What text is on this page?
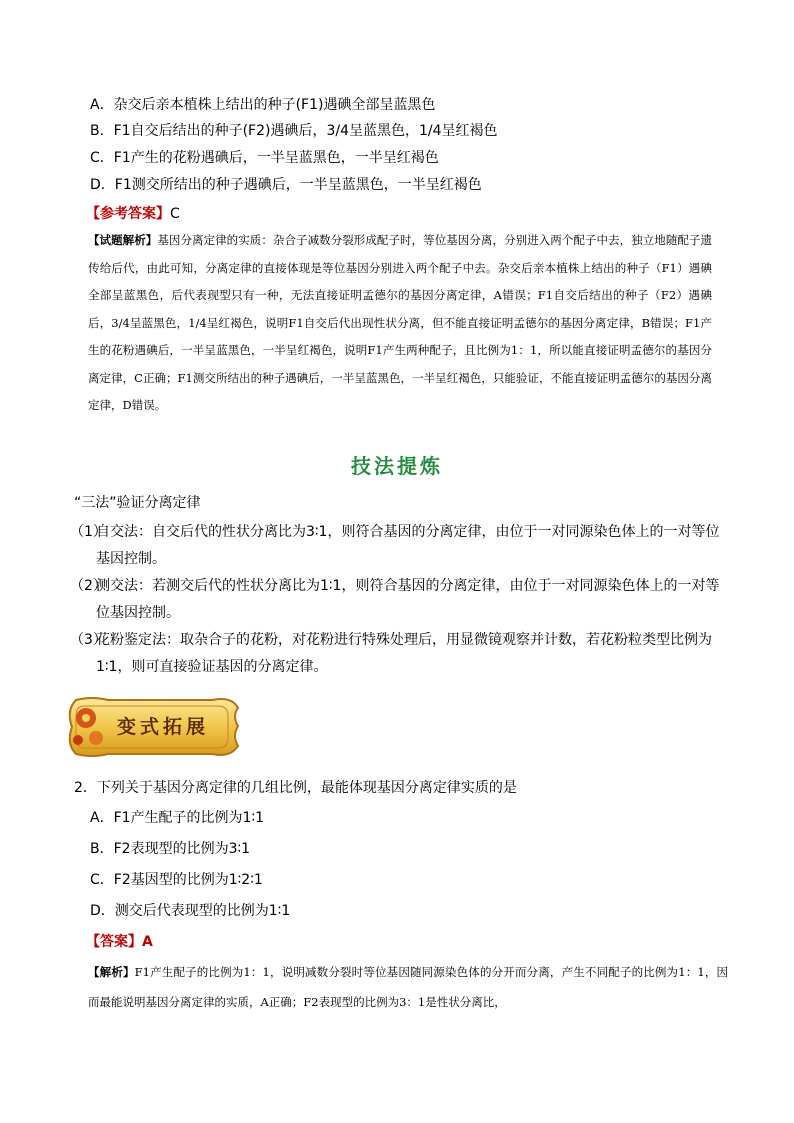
A．杂交后亲本植株上结出的种子(F1)遇碘全部呈蓝黑色
B．F1自交后结出的种子(F2)遇碘后，3/4呈蓝黑色，1/4呈红褐色
C．F1产生的花粉遇碘后，一半呈蓝黑色，一半呈红褐色
D．F1测交所结出的种子遇碘后，一半呈蓝黑色，一半呈红褐色
【参考答案】C
【试题解析】基因分离定律的实质：杂合子减数分裂形成配子时，等位基因分离，分别进入两个配子中去，独立地随配子遗传给后代，由此可知，分离定律的直接体现是等位基因分别进入两个配子中去。杂交后亲本植株上结出的种子（F1）遇碘全部呈蓝黑色，后代表现型只有一种，无法直接证明孟德尔的基因分离定律，A错误；F1自交后结出的种子（F2）遇碘后，3/4呈蓝黑色，1/4呈红褐色，说明F1自交后代出现性状分离，但不能直接证明孟德尔的基因分离定律，B错误；F1产生的花粉遇碘后，一半呈蓝黑色，一半呈红褐色，说明F1产生两种配子，且比例为1：1，所以能直接证明孟德尔的基因分离定律，C正确；F1测交所结出的种子遇碘后，一半呈蓝黑色，一半呈红褐色，只能验证，不能直接证明孟德尔的基因分离定律，D错误。
技法提炼
“三法”验证分离定律
（1）
自交法：自交后代的性状分离比为3∶1，则符合基因的分离定律，由位于一对同源染色体上的一对等位基因控制。
（2）
测交法：若测交后代的性状分离比为1∶1，则符合基因的分离定律，由位于一对同源染色体上的一对等位基因控制。
（3）
花粉鉴定法：取杂合子的花粉，对花粉进行特殊处理后，用显微镜观察并计数，若花粉粒类型比例为1∶1，则可直接验证基因的分离定律。
变式拓展
2．下列关于基因分离定律的几组比例，最能体现基因分离定律实质的是
A．F1产生配子的比例为1∶1
B．F2表现型的比例为3∶1
C．F2基因型的比例为1∶2∶1
D．测交后代表现型的比例为1∶1
【答案】A
【解析】F1产生配子的比例为1：1，说明减数分裂时等位基因随同源染色体的分开而分离，产生不同配子的比例为1：1，因而最能说明基因分离定律的实质，A正确；F2表现型的比例为3：1是性状分离比，
